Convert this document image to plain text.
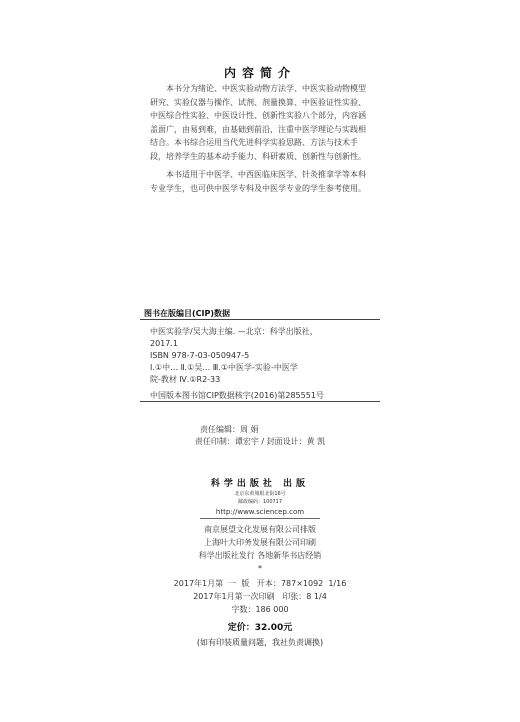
内容简介

本书分为绪论、中医实验动物方法学、中医实验动物模型研究、实验仪器与操作、试剂、剂量换算、中医验证性实验、中医综合性实验、中医设计性、创新性实验八个部分，内容涵盖面广，由易到难，由基础到前沿，注重中医学理论与实践相结合。本书综合运用当代先进科学实验思路、方法与技术手段，培养学生的基本动手能力、科研素质、创新性与创新性。

本书适用于中医学、中西医临床医学、针灸推拿学等本科专业学生，也可供中医学专科及中医学专业的学生参考使用。

图书在版编目(CIP)数据
中医实验学/吴大海主编. —北京：科学出版社，
2017.1
ISBN 978-7-03-050947-5
Ⅰ.①中… Ⅱ.①吴… Ⅲ.①中医学-实验-中医学
院-教材 Ⅳ.①R2-33
中国版本图书馆CIP数据核字(2016)第285551号
责任编辑：周 娟
责任印制：谭宏宇 / 封面设计：黄 凯
科学出版社 出版
北京东黄城根北街16号
邮政编码：100717
http://www.sciencep.com
南京展望文化发展有限公司排版
上海叶大印务发展有限公司印刷
科学出版社发行 各地新华书店经销
*
2017年1月第  一  版   开本：787×1092  1/16
2017年1月第一次印刷   印张：8 1/4
字数：186 000
定价：32.00元
(如有印装质量问题，我社负责调换)
